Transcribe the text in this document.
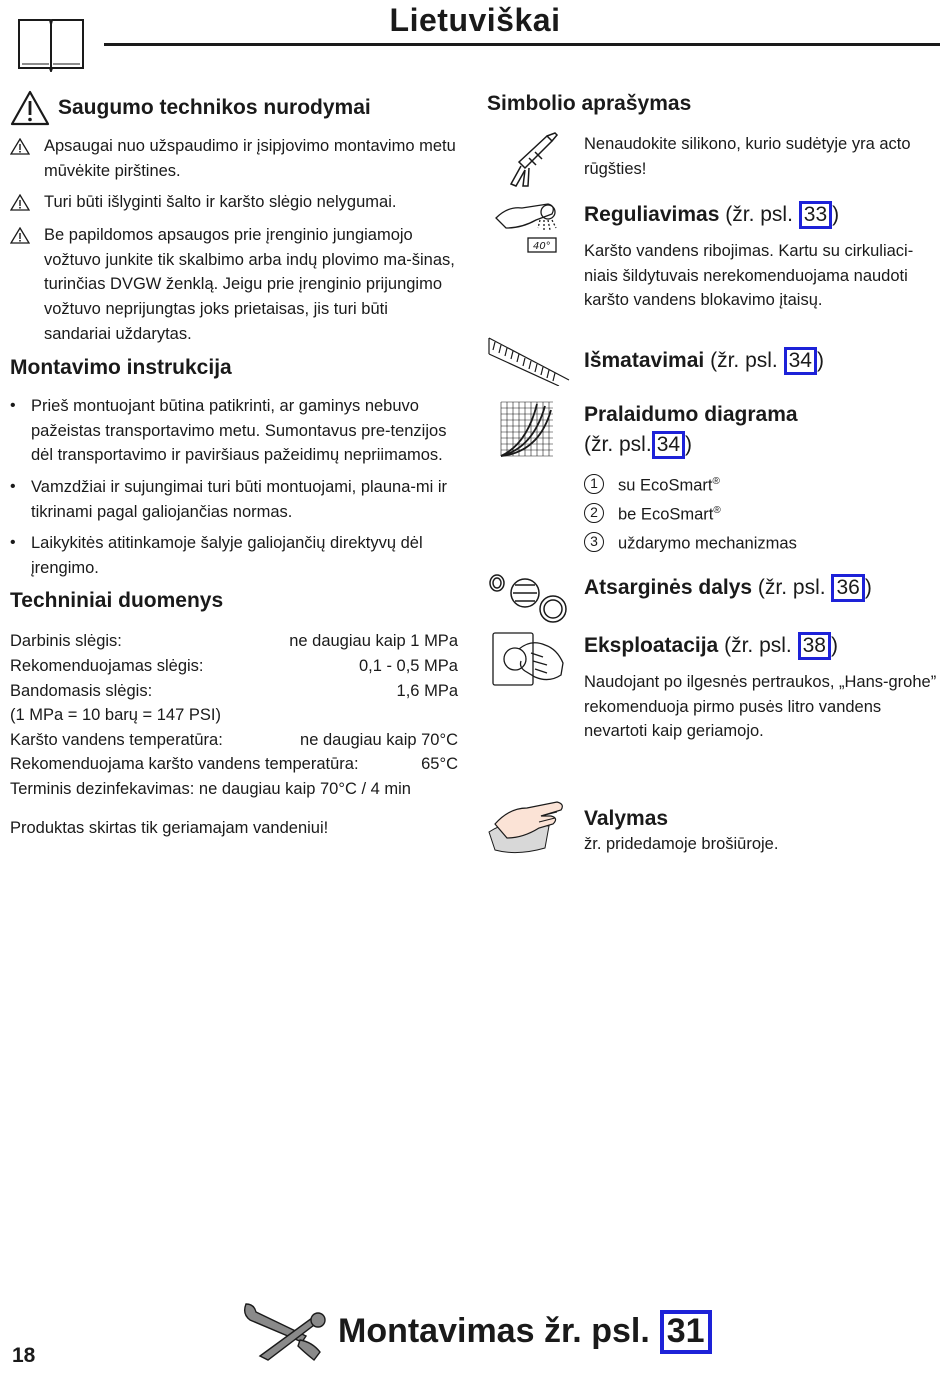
Lietuviškai
Saugumo technikos nurodymai

Apsaugai nuo užspaudimo ir įsipjovimo montavimo metu mūvėkite pirštines.

Turi būti išlyginti šalto ir karšto slėgio nelygumai.

Be papildomos apsaugos prie įrenginio jungiamojo vožtuvo junkite tik skalbimo arba indų plovimo ma-šinas, turinčias DVGW ženklą. Jeigu prie įrenginio prijungimo vožtuvo neprijungtas joks prietaisas, jis turi būti sandariai uždarytas.

Montavimo instrukcija
• Prieš montuojant būtina patikrinti, ar gaminys nebuvo pažeistas transportavimo metu. Sumontavus pre-tenzijos dėl transportavimo ir paviršiaus pažeidimų nepriimamos.

• Vamzdžiai ir sujungimai turi būti montuojami, plauna-mi ir tikrinami pagal galiojančias normas.

• Laikykitės atitinkamoje šalyje galiojančių direktyvų dėl įrengimo.

Techniniai duomenys
Darbinis slėgis:	ne daugiau kaip 1 MPa
Rekomenduojamas slėgis:	0,1 - 0,5 MPa
Bandomasis slėgis:	1,6 MPa
(1 MPa = 10 barų = 147 PSI)
Karšto vandens temperatūra:	ne daugiau kaip 70°C
Rekomenduojama karšto vandens temperatūra:	65°C
Terminis dezinfekavimas: ne daugiau kaip 70°C / 4 min

Produktas skirtas tik geriamajam vandeniui!

Simbolio aprašymas

Nenaudokite silikono, kurio sudėtyje yra acto rūgšties!

40°
Reguliavimas (žr. psl. 33 )

Karšto vandens ribojimas. Kartu su cirkuliaci-niais šildytuvais nerekomenduojama naudoti karšto vandens blokavimo įtaisų.

Išmatavimai (žr. psl. 34 )
Pralaidumo diagrama
(žr. psl. 34 )
1	su EcoSmart®

2	be EcoSmart®

3	uždarymo mechanizmas

Atsarginės dalys (žr. psl. 36 )
Eksploatacija (žr. psl. 38 )

Naudojant po ilgesnės pertraukos, „Hans-grohe” rekomenduoja pirmo pusės litro vandens nevartoti kaip geriamojo.

Valymas

žr. pridedamoje brošiūroje.

18
Montavimas žr. psl. 31
